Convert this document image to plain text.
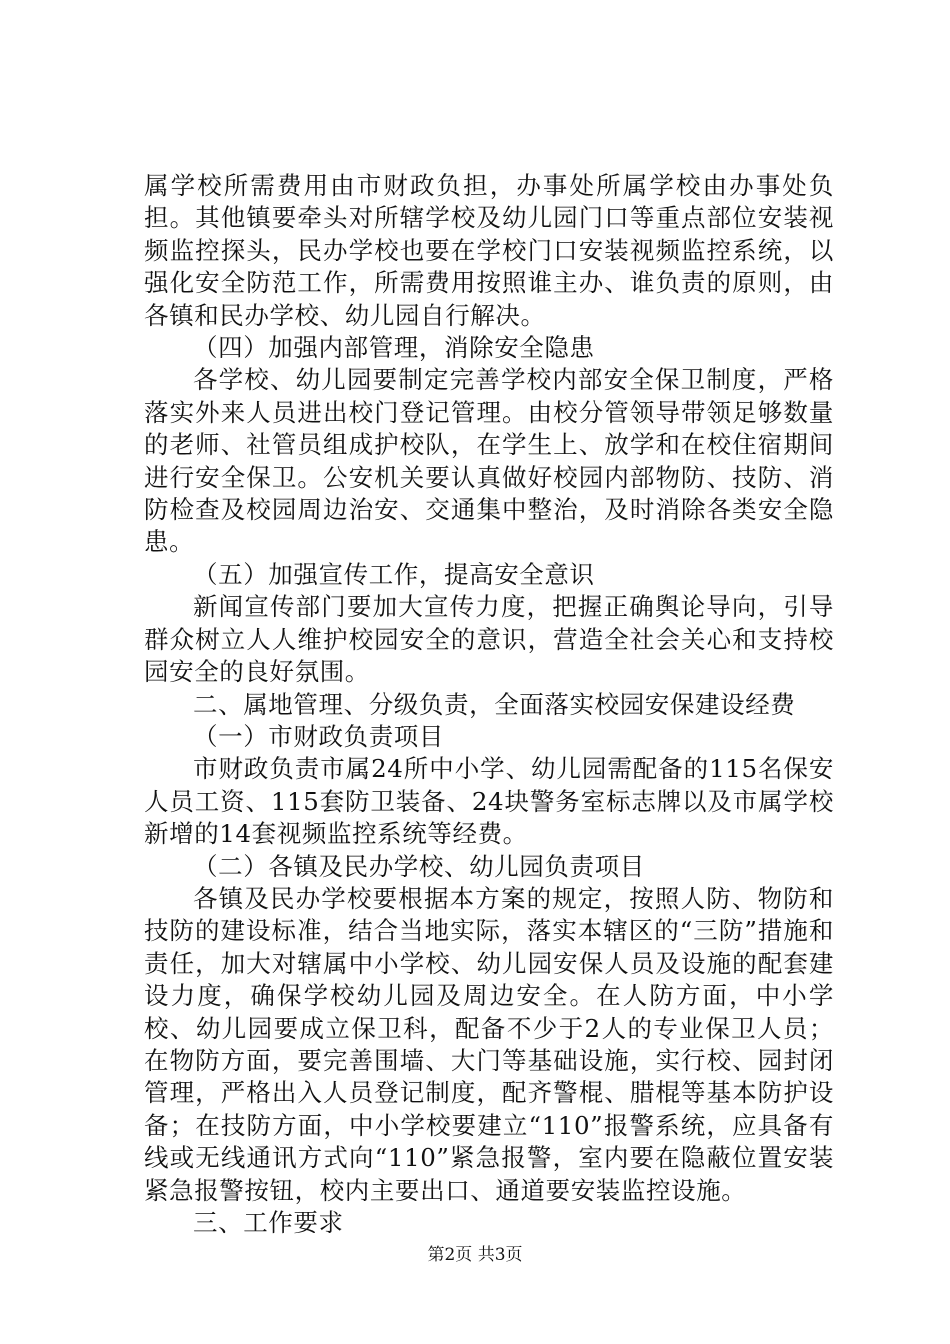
属学校所需费用由市财政负担，办事处所属学校由办事处负担。其他镇要牵头对所辖学校及幼儿园门口等重点部位安装视频监控探头，民办学校也要在学校门口安装视频监控系统，以强化安全防范工作，所需费用按照谁主办、谁负责的原则，由各镇和民办学校、幼儿园自行解决。

（四）加强内部管理，消除安全隐患

各学校、幼儿园要制定完善学校内部安全保卫制度，严格落实外来人员进出校门登记管理。由校分管领导带领足够数量的老师、社管员组成护校队，在学生上、放学和在校住宿期间进行安全保卫。公安机关要认真做好校园内部物防、技防、消防检查及校园周边治安、交通集中整治，及时消除各类安全隐患。

（五）加强宣传工作，提高安全意识

新闻宣传部门要加大宣传力度，把握正确舆论导向，引导群众树立人人维护校园安全的意识，营造全社会关心和支持校园安全的良好氛围。

二、属地管理、分级负责，全面落实校园安保建设经费

（一）市财政负责项目

市财政负责市属24所中小学、幼儿园需配备的115名保安人员工资、115套防卫装备、24块警务室标志牌以及市属学校新增的14套视频监控系统等经费。

（二）各镇及民办学校、幼儿园负责项目

各镇及民办学校要根据本方案的规定，按照人防、物防和技防的建设标准，结合当地实际，落实本辖区的“三防”措施和责任，加大对辖属中小学校、幼儿园安保人员及设施的配套建设力度，确保学校幼儿园及周边安全。在人防方面，中小学校、幼儿园要成立保卫科，配备不少于2人的专业保卫人员；在物防方面，要完善围墙、大门等基础设施，实行校、园封闭管理，严格出入人员登记制度，配齐警棍、腊棍等基本防护设备；在技防方面，中小学校要建立“110”报警系统，应具备有线或无线通讯方式向“110”紧急报警，室内要在隐蔽位置安装紧急报警按钮，校内主要出口、通道要安装监控设施。

三、工作要求

第2页 共3页
